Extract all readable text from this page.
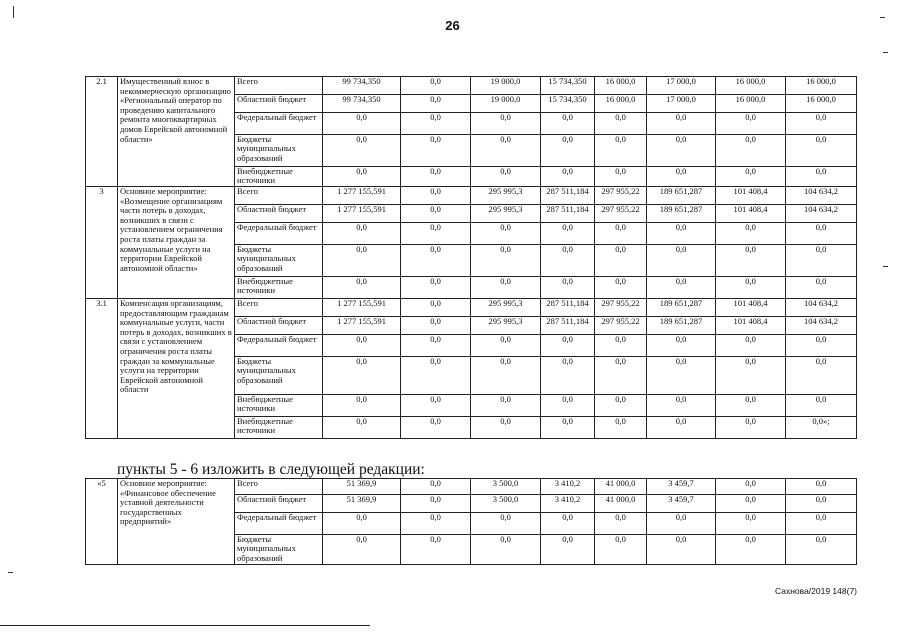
26
2.1	Имущественный взнос в некоммерческую организацию «Региональный оператор по проведению капитального ремонта многоквартирных домов Еврейской автономной области»	Всего	99 734,350	0,0	19 000,0	15 734,350	16 000,0	17 000,0	16 000,0	16 000,0
		Областной бюджет	99 734,350	0,0	19 000,0	15 734,350	16 000,0	17 000,0	16 000,0	16 000,0
		Федеральный бюджет	0,0	0,0	0,0	0,0	0,0	0,0	0,0	0,0
		Бюджеты муниципальных образований	0,0	0,0	0,0	0,0	0,0	0,0	0,0	0,0
		Внебюджетные источники	0,0	0,0	0,0	0,0	0,0	0,0	0,0	0,0
3	Основное мероприятие: «Возмещение организациям части потерь в доходах, возникших в связи с установлением ограничения роста платы граждан за коммунальные услуги на территории Еврейской автономной области»	Всего	1 277 155,591	0,0	295 995,3	287 511,184	297 955,22	189 651,287	101 408,4	104 634,2
		Областной бюджет	1 277 155,591	0,0	295 995,3	287 511,184	297 955,22	189 651,287	101 408,4	104 634,2
		Федеральный бюджет	0,0	0,0	0,0	0,0	0,0	0,0	0,0	0,0
		Бюджеты муниципальных образований	0,0	0,0	0,0	0,0	0,0	0,0	0,0	0,0
		Внебюджетные источники	0,0	0,0	0,0	0,0	0,0	0,0	0,0	0,0
3.1	Компенсация организациям, предоставляющим гражданам коммунальные услуги, части потерь в доходах, возникших в связи с установлением ограничения роста платы граждан за коммунальные услуги на территории Еврейской автономной области	Всего	1 277 155,591	0,0	295 995,3	287 511,184	297 955,22	189 651,287	101 408,4	104 634,2
		Областной бюджет	1 277 155,591	0,0	295 995,3	287 511,184	297 955,22	189 651,287	101 408,4	104 634,2
		Федеральный бюджет	0,0	0,0	0,0	0,0	0,0	0,0	0,0	0,0
		Бюджеты муниципальных образований	0,0	0,0	0,0	0,0	0,0	0,0	0,0	0,0
		Внебюджетные источники	0,0	0,0	0,0	0,0	0,0	0,0	0,0	0,0
		Внебюджетные источники	0,0	0,0	0,0	0,0	0,0	0,0	0,0	0,0»;
пункты 5 - 6 изложить в следующей редакции:
«5	Основное мероприятие: «Финансовое обеспечение уставной деятельности государственных предприятий»	Всего	51 369,9	0,0	3 500,0	3 410,2	41 000,0	3 459,7	0,0	0,0
		Областной бюджет	51 369,9	0,0	3 500,0	3 410,2	41 000,0	3 459,7	0,0	0,0
		Федеральный бюджет	0,0	0,0	0,0	0,0	0,0	0,0	0,0	0,0
		Бюджеты муниципальных образований	0,0	0,0	0,0	0,0	0,0	0,0	0,0	0,0
Сахнова/2019 148(7)
